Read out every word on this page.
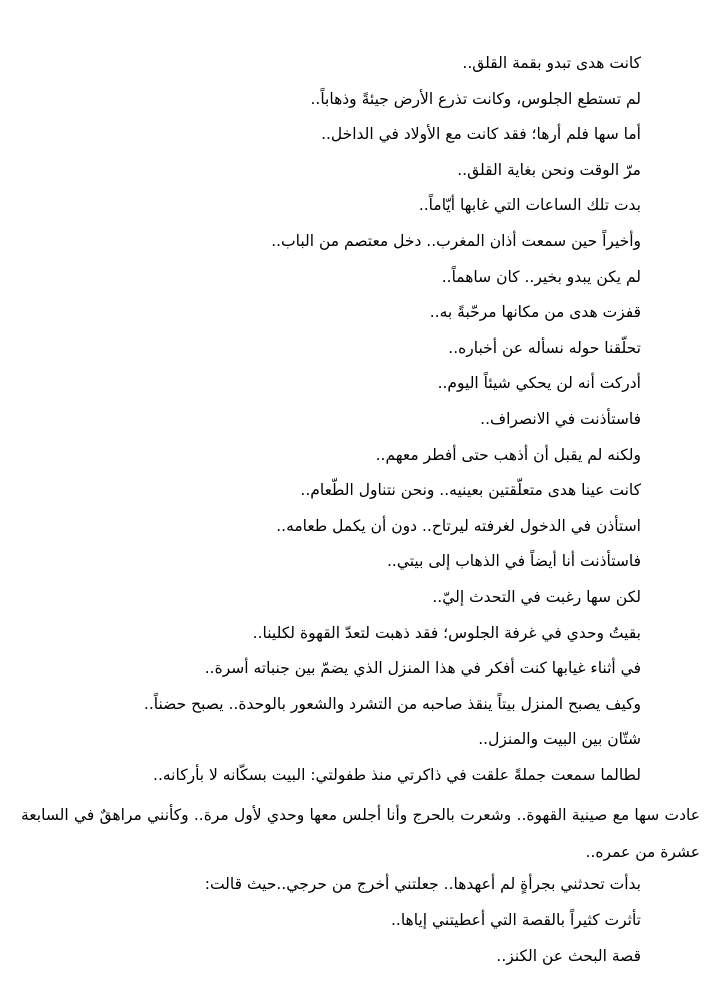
كانت هدى تبدو بقمة القلق..
لم تستطع الجلوس، وكانت تذرع الأرض جيئةً وذهاباً..
أما سها فلم أرها؛ فقد كانت مع الأولاد في الداخل..
مرّ الوقت ونحن بغاية القلق..
بدت تلك الساعات التي غابها أيّاماً..
وأخيراً حين سمعت أذان المغرب.. دخل معتصم من الباب..
لم يكن يبدو بخير.. كان ساهماً..
قفزت هدى من مكانها مرحّبةً به..
تحلّقنا حوله نسأله عن أخباره..
أدركت أنه لن يحكي شيئاً اليوم..
فاستأذنت في الانصراف..
ولكنه لم يقبل أن أذهب حتى أفطر معهم..
كانت عينا هدى متعلّقتين بعينيه.. ونحن نتناول الطّعام..
استأذن في الدخول لغرفته ليرتاح.. دون أن يكمل طعامه..
فاستأذنت أنا أيضاً في الذهاب إلى بيتي..
لكن سها رغبت في التحدث إليّ..
بقيتُ وحدي في غرفة الجلوس؛ فقد ذهبت لتعدّ القهوة لكلينا..
في أثناء غيابها كنت أفكر في هذا المنزل الذي يضمّ بين جنباته أسرة..
وكيف يصبح المنزل بيتاً ينقذ صاحبه من التشرد والشعور بالوحدة.. يصبح حضناً..
شتّان بين البيت والمنزل..
لطالما سمعت جملةً علقت في ذاكرتي منذ طفولتي: البيت بسكّانه لا بأركانه..
عادت سها مع صينية القهوة.. وشعرت بالحرج وأنا أجلس معها وحدي لأول مرة.. وكأنني مراهقٌ في السابعة عشرة من عمره..
بدأت تحدثني بجرأةٍ لم أعهدها.. جعلتني أخرج من حرجي..حيث قالت:
تأثرت كثيراً بالقصة التي أعطيتني إياها..
قصة البحث عن الكنز..
